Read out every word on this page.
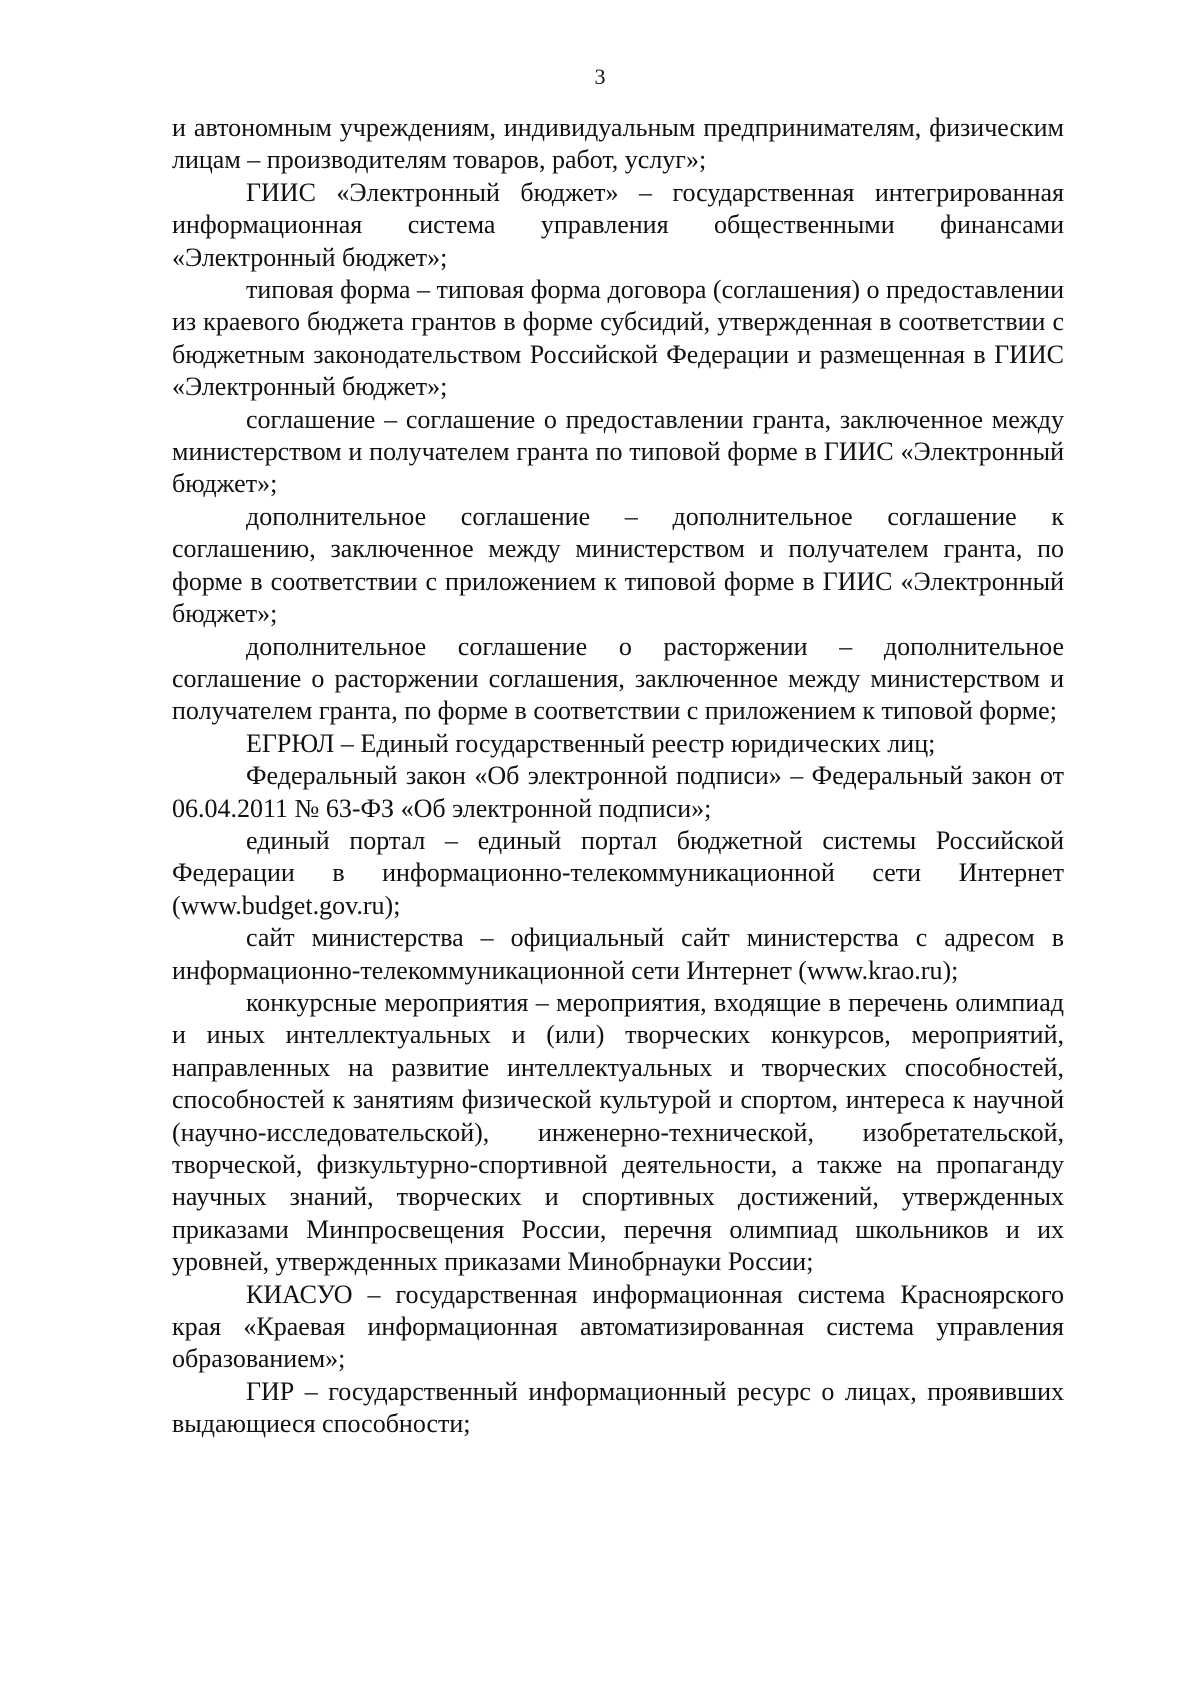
3

и автономным учреждениям, индивидуальным предпринимателям, физическим лицам – производителям товаров, работ, услуг»;

ГИИС «Электронный бюджет» – государственная интегрированная информационная система управления общественными финансами «Электронный бюджет»;

типовая форма – типовая форма договора (соглашения) о предоставлении из краевого бюджета грантов в форме субсидий, утвержденная в соответствии с бюджетным законодательством Российской Федерации и размещенная в ГИИС «Электронный бюджет»;

соглашение – соглашение о предоставлении гранта, заключенное между министерством и получателем гранта по типовой форме в ГИИС «Электронный бюджет»;

дополнительное соглашение – дополнительное соглашение к соглашению, заключенное между министерством и получателем гранта, по форме в соответствии с приложением к типовой форме в ГИИС «Электронный бюджет»;

дополнительное соглашение о расторжении – дополнительное соглашение о расторжении соглашения, заключенное между министерством и получателем гранта, по форме в соответствии с приложением к типовой форме;

ЕГРЮЛ – Единый государственный реестр юридических лиц;

Федеральный закон «Об электронной подписи» – Федеральный закон от 06.04.2011 № 63-ФЗ «Об электронной подписи»;

единый портал – единый портал бюджетной системы Российской Федерации в информационно-телекоммуникационной сети Интернет (www.budget.gov.ru);

сайт министерства – официальный сайт министерства с адресом в информационно-телекоммуникационной сети Интернет (www.krao.ru);

конкурсные мероприятия – мероприятия, входящие в перечень олимпиад и иных интеллектуальных и (или) творческих конкурсов, мероприятий, направленных на развитие интеллектуальных и творческих способностей, способностей к занятиям физической культурой и спортом, интереса к научной (научно-исследовательской), инженерно-технической, изобретательской, творческой, физкультурно-спортивной деятельности, а также на пропаганду научных знаний, творческих и спортивных достижений, утвержденных приказами Минпросвещения России, перечня олимпиад школьников и их уровней, утвержденных приказами Минобрнауки России;

КИАСУО – государственная информационная система Красноярского края «Краевая информационная автоматизированная система управления образованием»;

ГИР – государственный информационный ресурс о лицах, проявивших выдающиеся способности;
